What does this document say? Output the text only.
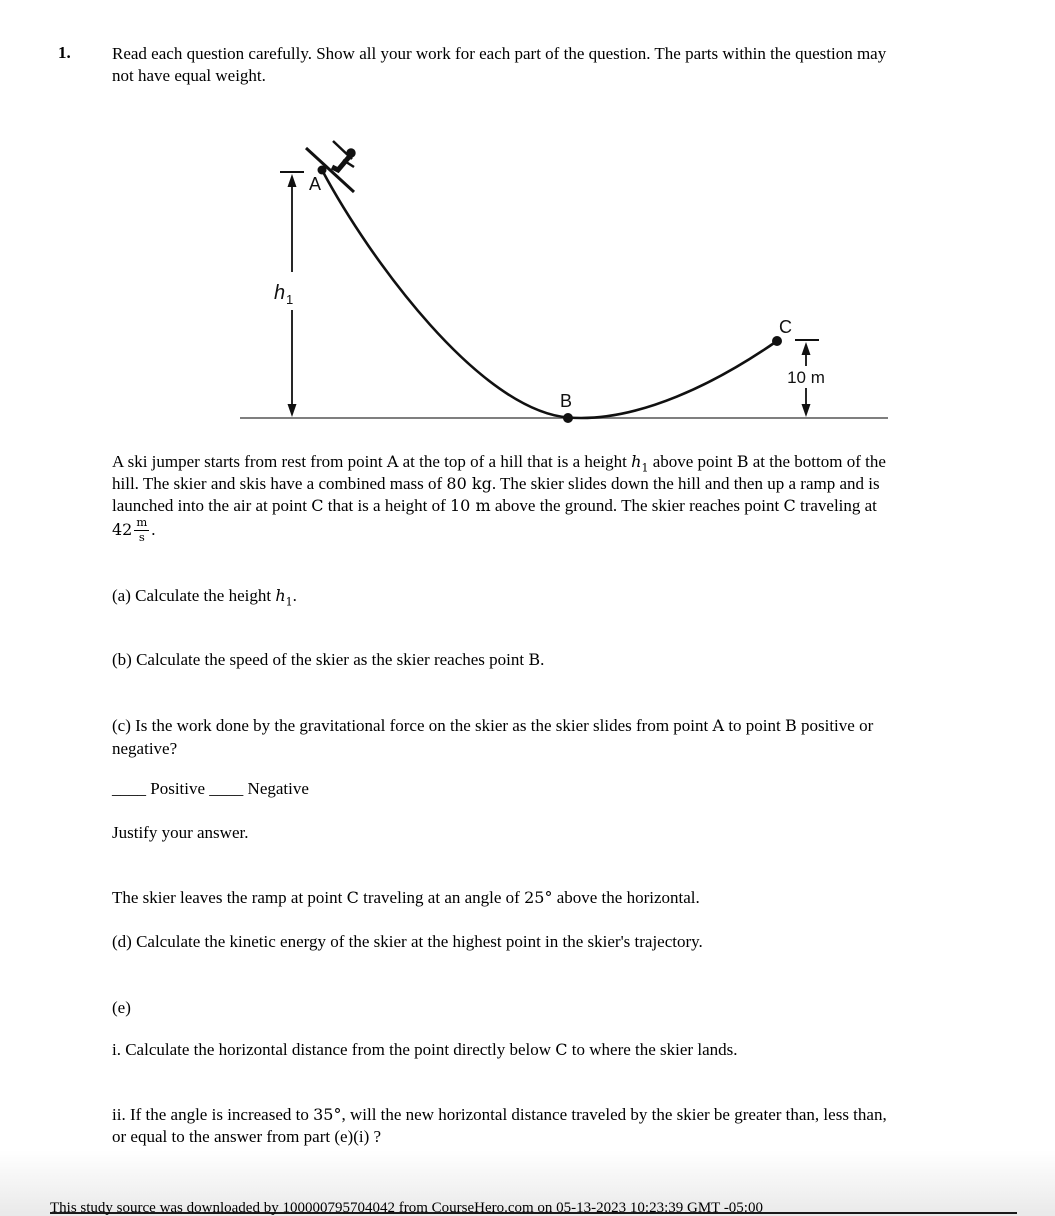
1. Read each question carefully. Show all your work for each part of the question. The parts within the question may
not have equal weight.
A
h 1
B
C
10 m
A ski jumper starts from rest from point A at the top of a hill that is a height $h_1$ above point B at the bottom of the
hill. The skier and skis have a combined mass of 80 kg. The skier slides down the hill and then up a ramp and is
launched into the air at point C that is a height of 10 m above the ground. The skier reaches point C traveling at
$42 \frac{m}{s}$ .
(a) Calculate the height $h_1$.
(b) Calculate the speed of the skier as the skier reaches point B.
(c) Is the work done by the gravitational force on the skier as the skier slides from point A to point B positive or
negative?
____ Positive ____ Negative
Justify your answer.
The skier leaves the ramp at point C traveling at an angle of 25° above the horizontal.
(d) Calculate the kinetic energy of the skier at the highest point in the skier's trajectory.
(e)
i. Calculate the horizontal distance from the point directly below C to where the skier lands.
ii. If the angle is increased to 35°, will the new horizontal distance traveled by the skier be greater than, less than,
or equal to the answer from part (e)(i) ?
This study source was downloaded by 100000795704042 from CourseHero.com on 05-13-2023 10:23:39 GMT -05:00
